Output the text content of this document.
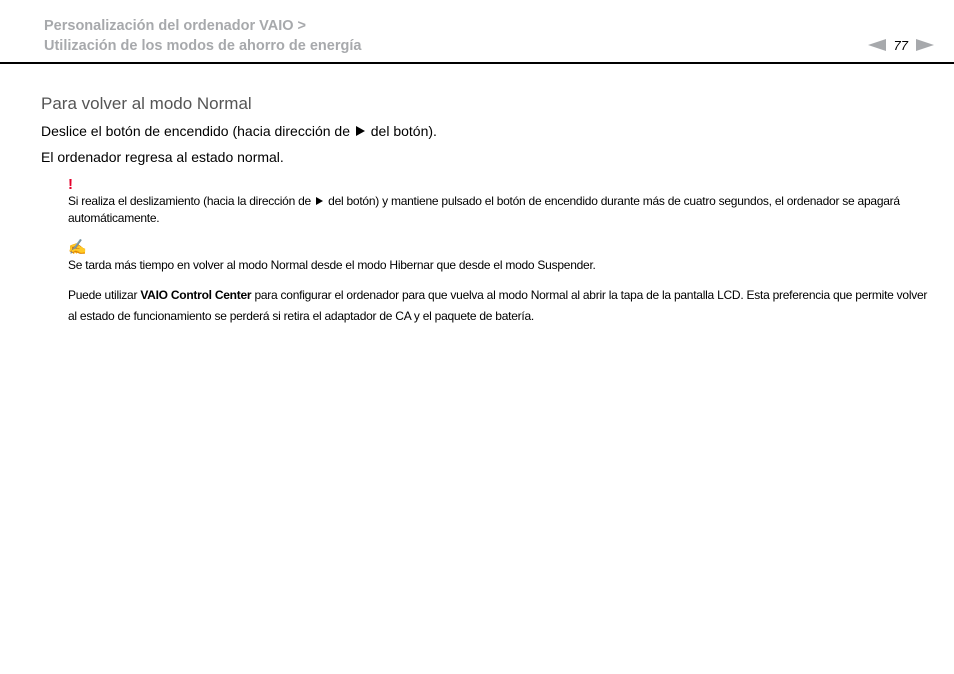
Personalización del ordenador VAIO >
Utilización de los modos de ahorro de energía	77
Para volver al modo Normal
Deslice el botón de encendido (hacia dirección de del botón).
El ordenador regresa al estado normal.
!
Si realiza el deslizamiento (hacia la dirección de del botón) y mantiene pulsado el botón de encendido durante más de cuatro segundos, el ordenador se apagará automáticamente.
✍
Se tarda más tiempo en volver al modo Normal desde el modo Hibernar que desde el modo Suspender.
Puede utilizar VAIO Control Center para configurar el ordenador para que vuelva al modo Normal al abrir la tapa de la pantalla LCD. Esta preferencia que permite volver al estado de funcionamiento se perderá si retira el adaptador de CA y el paquete de batería.
